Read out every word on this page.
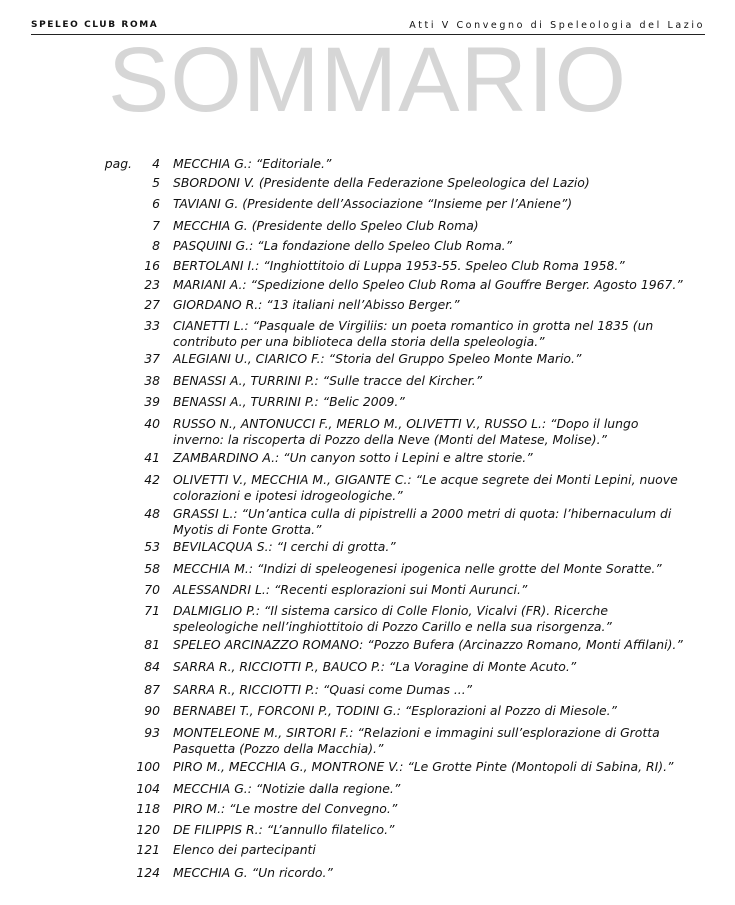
SPELEO CLUB ROMA	Atti V Convegno di Speleologia del Lazio
SOMMARIO
pag.	4 MECCHIA G.: “Editoriale.”
5 SBORDONI V. (Presidente della Federazione Speleologica del Lazio)
6 TAVIANI G. (Presidente dell’Associazione “Insieme per l’Aniene”)
7 MECCHIA G. (Presidente dello Speleo Club Roma)
8 PASQUINI G.: “La fondazione dello Speleo Club Roma.”
16 BERTOLANI I.: “Inghiottitoio di Luppa 1953-55. Speleo Club Roma 1958.”
23 MARIANI A.: “Spedizione dello Speleo Club Roma al Gouffre Berger. Agosto 1967.”
27 GIORDANO R.: “13 italiani nell’Abisso Berger.”
33 CIANETTI L.: “Pasquale de Virgiliis: un poeta romantico in grotta nel 1835 (un contributo per una biblioteca della storia della speleologia.”
37 ALEGIANI U., CIARICO F.: “Storia del Gruppo Speleo Monte Mario.”
38 BENASSI A., TURRINI P.: “Sulle tracce del Kircher.”
39 BENASSI A., TURRINI P.: “Belic 2009.”
40 RUSSO N., ANTONUCCI F., MERLO M., OLIVETTI V., RUSSO L.: “Dopo il lungo inverno: la riscoperta di Pozzo della Neve (Monti del Matese, Molise).”
41 ZAMBARDINO A.: “Un canyon sotto i Lepini e altre storie.”
42 OLIVETTI V., MECCHIA M., GIGANTE C.: “Le acque segrete dei Monti Lepini, nuove colorazioni e ipotesi idrogeologiche.”
48 GRASSI L.: “Un’antica culla di pipistrelli a 2000 metri di quota: l’hibernaculum di Myotis di Fonte Grotta.”
53 BEVILACQUA S.: “I cerchi di grotta.”
58 MECCHIA M.: “Indizi di speleogenesi ipogenica nelle grotte del Monte Soratte.”
70 ALESSANDRI L.: “Recenti esplorazioni sui Monti Aurunci.”
71 DALMIGLIO P.: “Il sistema carsico di Colle Flonio, Vicalvi (FR). Ricerche speleologiche nell’inghiottitoio di Pozzo Carillo e nella sua risorgenza.”
81 SPELEO ARCINAZZO ROMANO: “Pozzo Bufera (Arcinazzo Romano, Monti Affilani).”
84 SARRA R., RICCIOTTI P., BAUCO P.: “La Voragine di Monte Acuto.”
87 SARRA R., RICCIOTTI P.: “Quasi come Dumas ...”
90 BERNABEI T., FORCONI P., TODINI G.: “Esplorazioni al Pozzo di Miesole.”
93 MONTELEONE M., SIRTORI F.: “Relazioni e immagini sull’esplorazione di Grotta Pasquetta (Pozzo della Macchia).”
100 PIRO M., MECCHIA G., MONTRONE V.: “Le Grotte Pinte (Montopoli di Sabina, RI).”
104 MECCHIA G.: “Notizie dalla regione.”
118 PIRO M.: “Le mostre del Convegno.”
120 DE FILIPPIS R.: “L’annullo filatelico.”
121 Elenco dei partecipanti
124 MECCHIA G. “Un ricordo.”
